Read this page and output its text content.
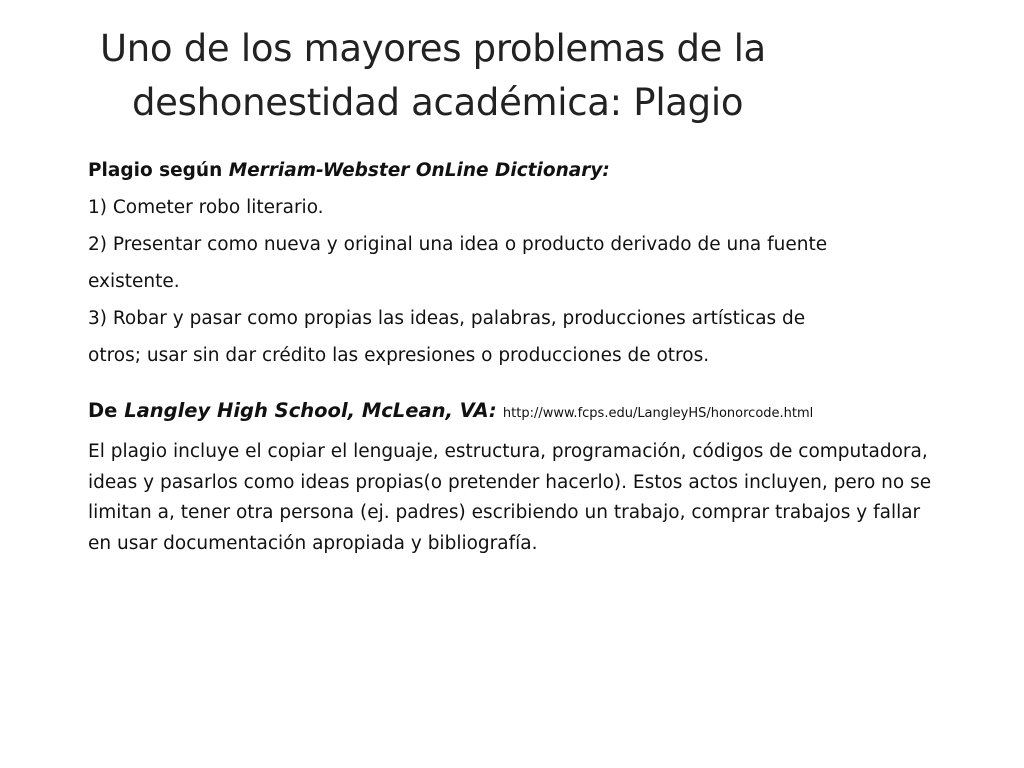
Uno de los mayores problemas de la
deshonestidad académica: Plagio

Plagio según Merriam-Webster OnLine Dictionary:

1) Cometer robo literario.

2) Presentar como nueva y original una idea o producto derivado de una fuente

existente.

3) Robar y pasar como propias las ideas, palabras, producciones artísticas de

otros; usar sin dar crédito las expresiones o producciones de otros.

De Langley High School, McLean, VA: http://www.fcps.edu/LangleyHS/honorcode.html

El plagio incluye el copiar el lenguaje, estructura, programación, códigos de computadora, ideas y pasarlos como ideas propias(o pretender hacerlo). Estos actos incluyen, pero no se limitan a, tener otra persona (ej. padres) escribiendo un trabajo, comprar trabajos y fallar en usar documentación apropiada y bibliografía.
